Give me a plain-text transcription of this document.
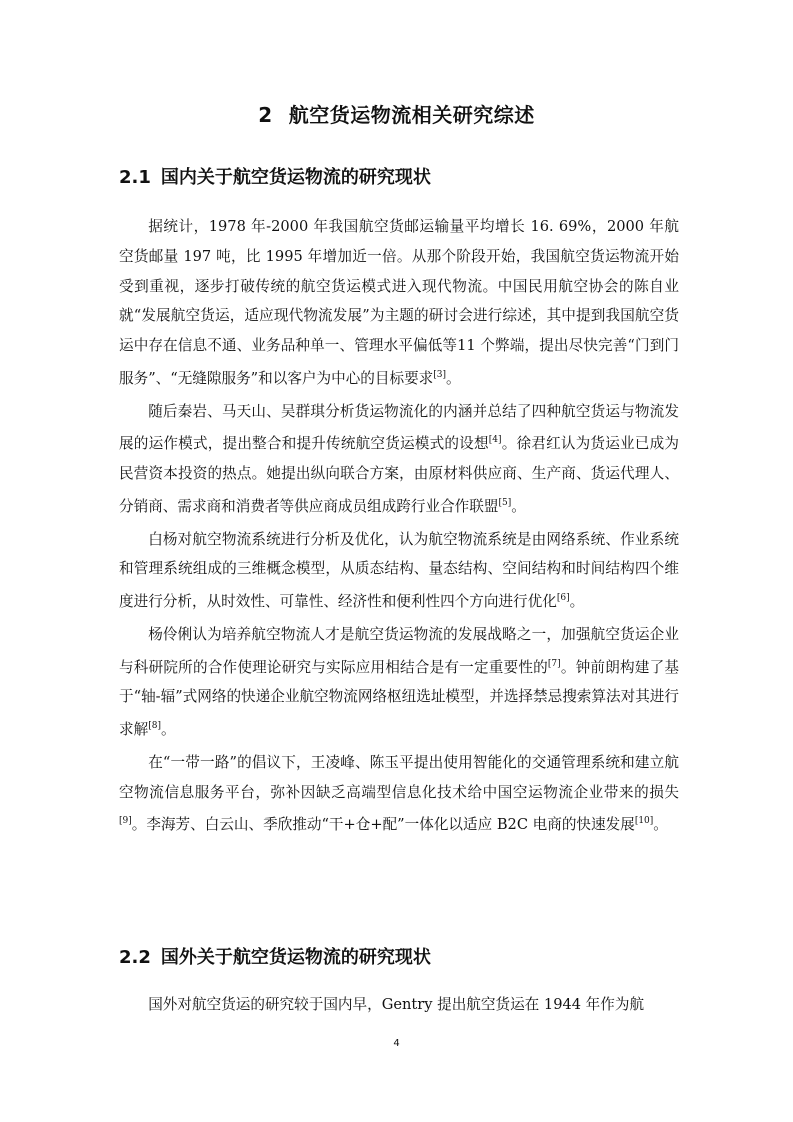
2 航空货运物流相关研究综述
2.1 国内关于航空货运物流的研究现状

据统计，1978 年-2000 年我国航空货邮运输量平均增长 16. 69%，2000 年航空货邮量 197 吨，比 1995 年增加近一倍。从那个阶段开始，我国航空货运物流开始受到重视，逐步打破传统的航空货运模式进入现代物流。中国民用航空协会的陈自业就“发展航空货运，适应现代物流发展”为主题的研讨会进行综述，其中提到我国航空货运中存在信息不通、业务品种单一、管理水平偏低等11 个弊端，提出尽快完善“门到门服务”、“无缝隙服务”和以客户为中心的目标要求[3]。

随后秦岩、马天山、吴群琪分析货运物流化的内涵并总结了四种航空货运与物流发展的运作模式，提出整合和提升传统航空货运模式的设想[4]。徐君红认为货运业已成为民营资本投资的热点。她提出纵向联合方案，由原材料供应商、生产商、货运代理人、分销商、需求商和消费者等供应商成员组成跨行业合作联盟[5]。

白杨对航空物流系统进行分析及优化，认为航空物流系统是由网络系统、作业系统和管理系统组成的三维概念模型，从质态结构、量态结构、空间结构和时间结构四个维度进行分析，从时效性、可靠性、经济性和便利性四个方向进行优化[6]。

杨伶俐认为培养航空物流人才是航空货运物流的发展战略之一，加强航空货运企业与科研院所的合作使理论研究与实际应用相结合是有一定重要性的[7]。钟前朗构建了基于“轴-辐”式网络的快递企业航空物流网络枢纽选址模型，并选择禁忌搜索算法对其进行求解[8]。

在“一带一路”的倡议下，王凌峰、陈玉平提出使用智能化的交通管理系统和建立航空物流信息服务平台，弥补因缺乏高端型信息化技术给中国空运物流企业带来的损失[9]。李海芳、白云山、季欣推动“干+仓+配”一体化以适应 B2C 电商的快速发展[10]。

2.2 国外关于航空货运物流的研究现状

国外对航空货运的研究较于国内早，Gentry 提出航空货运在 1944 年作为航

4
